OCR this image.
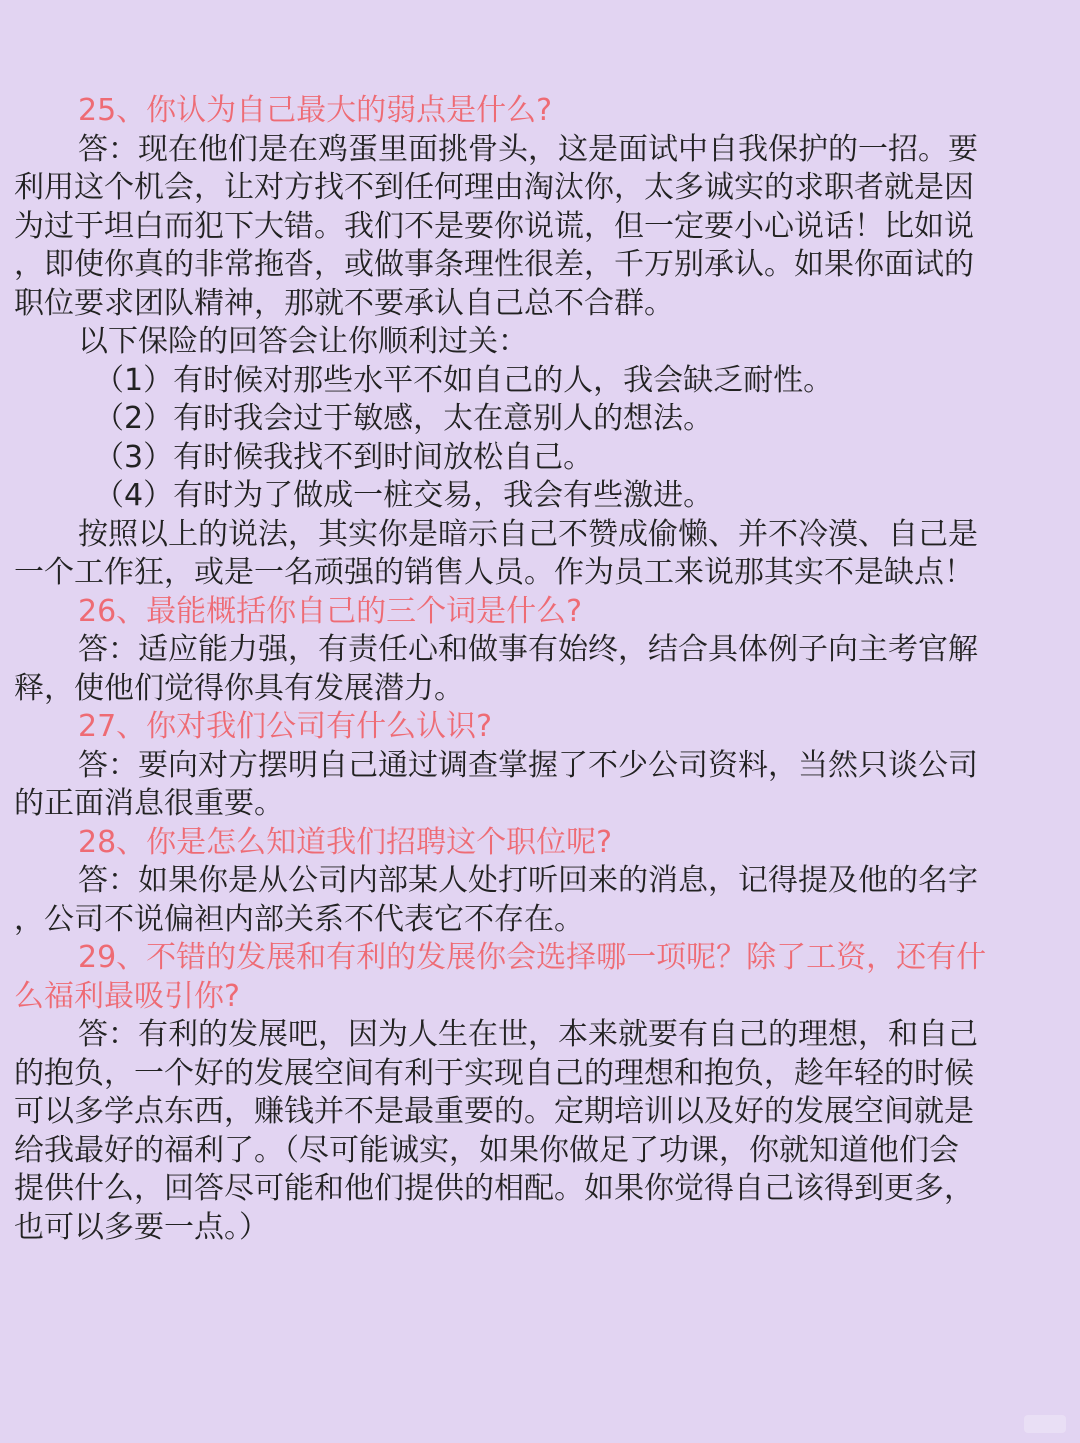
25、你认为自己最大的弱点是什么?
答：现在他们是在鸡蛋里面挑骨头，这是面试中自我保护的一招。要
利用这个机会，让对方找不到任何理由淘汰你，太多诚实的求职者就是因
为过于坦白而犯下大错。我们不是要你说谎，但一定要小心说话！比如说
，即使你真的非常拖沓，或做事条理性很差，千万别承认。如果你面试的
职位要求团队精神，那就不要承认自己总不合群。
以下保险的回答会让你顺利过关：
（1）有时候对那些水平不如自己的人，我会缺乏耐性。
（2）有时我会过于敏感，太在意别人的想法。
（3）有时候我找不到时间放松自己。
（4）有时为了做成一桩交易，我会有些激进。
按照以上的说法，其实你是暗示自己不赞成偷懒、并不冷漠、自己是
一个工作狂，或是一名顽强的销售人员。作为员工来说那其实不是缺点！
26、最能概括你自己的三个词是什么?
答：适应能力强，有责任心和做事有始终，结合具体例子向主考官解
释，使他们觉得你具有发展潜力。
27、你对我们公司有什么认识?
答：要向对方摆明自己通过调查掌握了不少公司资料，当然只谈公司
的正面消息很重要。
28、你是怎么知道我们招聘这个职位呢?
答：如果你是从公司内部某人处打听回来的消息，记得提及他的名字
，公司不说偏袒内部关系不代表它不存在。
29、不错的发展和有利的发展你会选择哪一项呢？除了工资，还有什
么福利最吸引你?
答：有利的发展吧，因为人生在世，本来就要有自己的理想，和自己
的抱负，一个好的发展空间有利于实现自己的理想和抱负，趁年轻的时候
可以多学点东西，赚钱并不是最重要的。定期培训以及好的发展空间就是
给我最好的福利了。（尽可能诚实，如果你做足了功课，你就知道他们会
提供什么，回答尽可能和他们提供的相配。如果你觉得自己该得到更多，
也可以多要一点。）
